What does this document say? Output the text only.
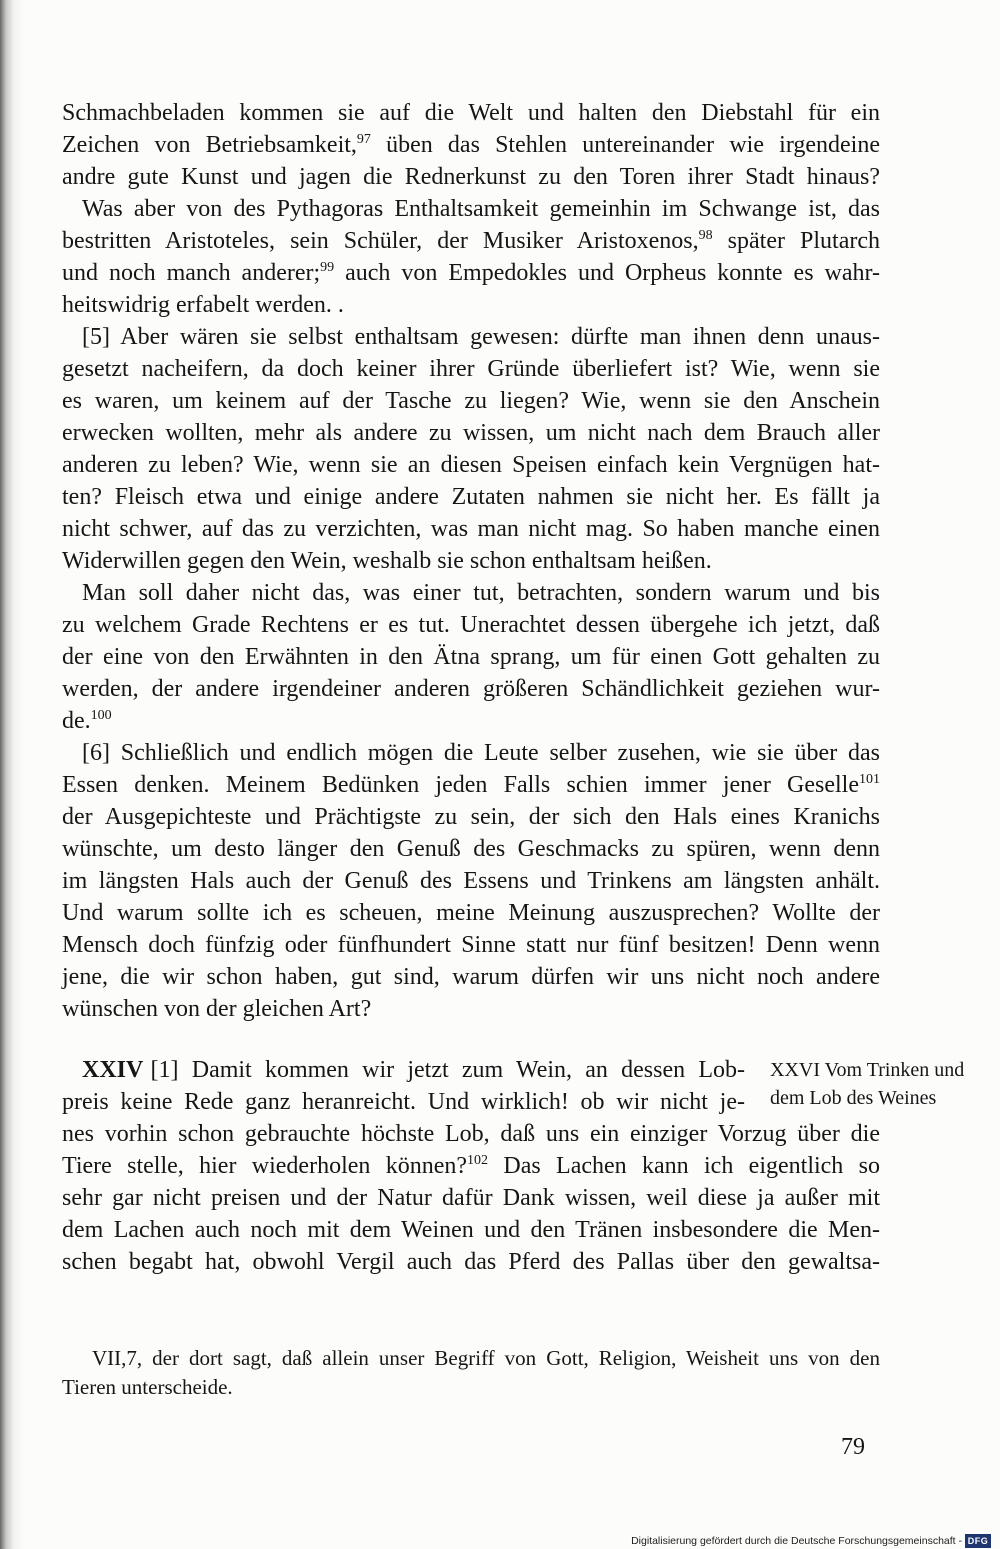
Schmachbeladen kommen sie auf die Welt und halten den Diebstahl für ein
Zeichen von Betriebsamkeit,$^{97}$ üben das Stehlen untereinander wie irgendeine
andre gute Kunst und jagen die Rednerkunst zu den Toren ihrer Stadt hinaus?
Was aber von des Pythagoras Enthaltsamkeit gemeinhin im Schwange ist, das
bestritten Aristoteles, sein Schüler, der Musiker Aristoxenos,$^{98}$ später Plutarch
und noch manch anderer;$^{99}$ auch von Empedokles und Orpheus konnte es wahr-
heitswidrig erfabelt werden. .
[5] Aber wären sie selbst enthaltsam gewesen: dürfte man ihnen denn unaus-
gesetzt nacheifern, da doch keiner ihrer Gründe überliefert ist? Wie, wenn sie
es waren, um keinem auf der Tasche zu liegen? Wie, wenn sie den Anschein
erwecken wollten, mehr als andere zu wissen, um nicht nach dem Brauch aller
anderen zu leben? Wie, wenn sie an diesen Speisen einfach kein Vergnügen hat-
ten? Fleisch etwa und einige andere Zutaten nahmen sie nicht her. Es fällt ja
nicht schwer, auf das zu verzichten, was man nicht mag. So haben manche einen
Widerwillen gegen den Wein, weshalb sie schon enthaltsam heißen.
Man soll daher nicht das, was einer tut, betrachten, sondern warum und bis
zu welchem Grade Rechtens er es tut. Unerachtet dessen übergehe ich jetzt, daß
der eine von den Erwähnten in den Ätna sprang, um für einen Gott gehalten zu
werden, der andere irgendeiner anderen größeren Schändlichkeit geziehen wur-
de.$^{100}$
[6] Schließlich und endlich mögen die Leute selber zusehen, wie sie über das
Essen denken. Meinem Bedünken jeden Falls schien immer jener Geselle$^{101}$
der Ausgepichteste und Prächtigste zu sein, der sich den Hals eines Kranichs
wünschte, um desto länger den Genuß des Geschmacks zu spüren, wenn denn
im längsten Hals auch der Genuß des Essens und Trinkens am längsten anhält.
Und warum sollte ich es scheuen, meine Meinung auszusprechen? Wollte der
Mensch doch fünfzig oder fünfhundert Sinne statt nur fünf besitzen! Denn wenn
jene, die wir schon haben, gut sind, warum dürfen wir uns nicht noch andere
wünschen von der gleichen Art?
XXIV [1] Damit kommen wir jetzt zum Wein, an dessen Lob-
preis keine Rede ganz heranreicht. Und wirklich! ob wir nicht je-
nes vorhin schon gebrauchte höchste Lob, daß uns ein einziger Vorzug über die
Tiere stelle, hier wiederholen können?$^{102}$ Das Lachen kann ich eigentlich so
sehr gar nicht preisen und der Natur dafür Dank wissen, weil diese ja außer mit
dem Lachen auch noch mit dem Weinen und den Tränen insbesondere die Men-
schen begabt hat, obwohl Vergil auch das Pferd des Pallas über den gewaltsa-
XXVI Vom Trinken und
dem Lob des Weines
VII,7, der dort sagt, daß allein unser Begriff von Gott, Religion, Weisheit uns von den
Tieren unterscheide.
79
Digitalisierung gefördert durch die Deutsche Forschungsgemeinschaft - DFG
